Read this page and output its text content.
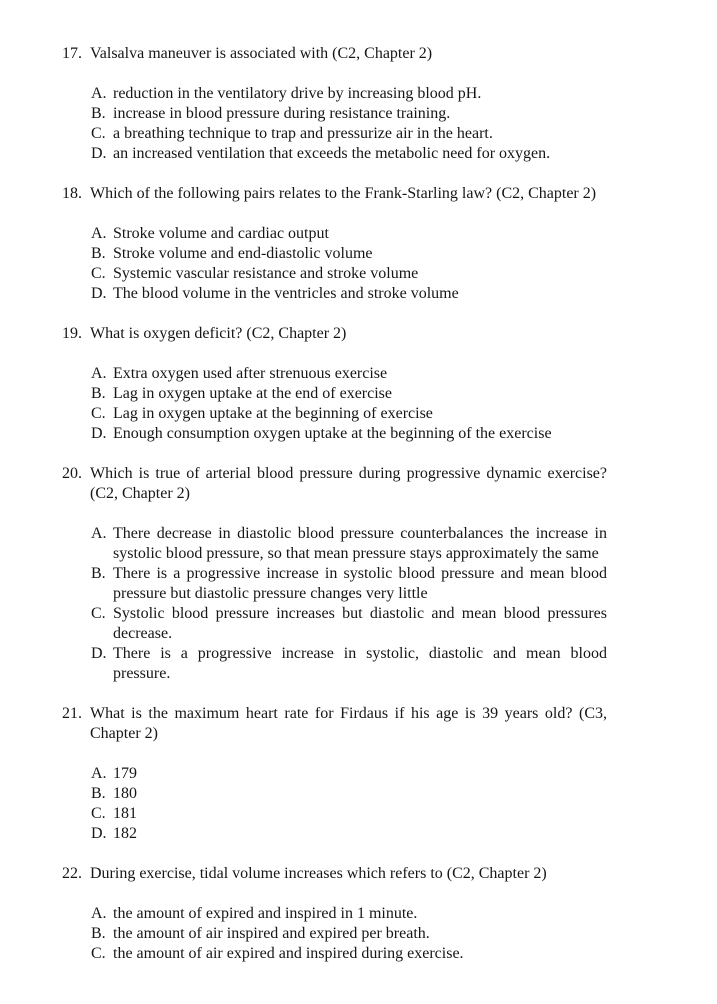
17. Valsalva maneuver is associated with (C2, Chapter 2)

A. reduction in the ventilatory drive by increasing blood pH.
B. increase in blood pressure during resistance training.
C. a breathing technique to trap and pressurize air in the heart.
D. an increased ventilation that exceeds the metabolic need for oxygen.

18. Which of the following pairs relates to the Frank-Starling law? (C2, Chapter 2)

A. Stroke volume and cardiac output
B. Stroke volume and end-diastolic volume
C. Systemic vascular resistance and stroke volume
D. The blood volume in the ventricles and stroke volume

19. What is oxygen deficit? (C2, Chapter 2)

A. Extra oxygen used after strenuous exercise
B. Lag in oxygen uptake at the end of exercise
C. Lag in oxygen uptake at the beginning of exercise
D. Enough consumption oxygen uptake at the beginning of the exercise

20. Which is true of arterial blood pressure during progressive dynamic exercise? (C2, Chapter 2)

A. There decrease in diastolic blood pressure counterbalances the increase in systolic blood pressure, so that mean pressure stays approximately the same
B. There is a progressive increase in systolic blood pressure and mean blood pressure but diastolic pressure changes very little
C. Systolic blood pressure increases but diastolic and mean blood pressures decrease.
D. There is a progressive increase in systolic, diastolic and mean blood pressure.

21. What is the maximum heart rate for Firdaus if his age is 39 years old? (C3, Chapter 2)

A. 179
B. 180
C. 181
D. 182

22. During exercise, tidal volume increases which refers to (C2, Chapter 2)

A. the amount of expired and inspired in 1 minute.
B. the amount of air inspired and expired per breath.
C. the amount of air expired and inspired during exercise.
